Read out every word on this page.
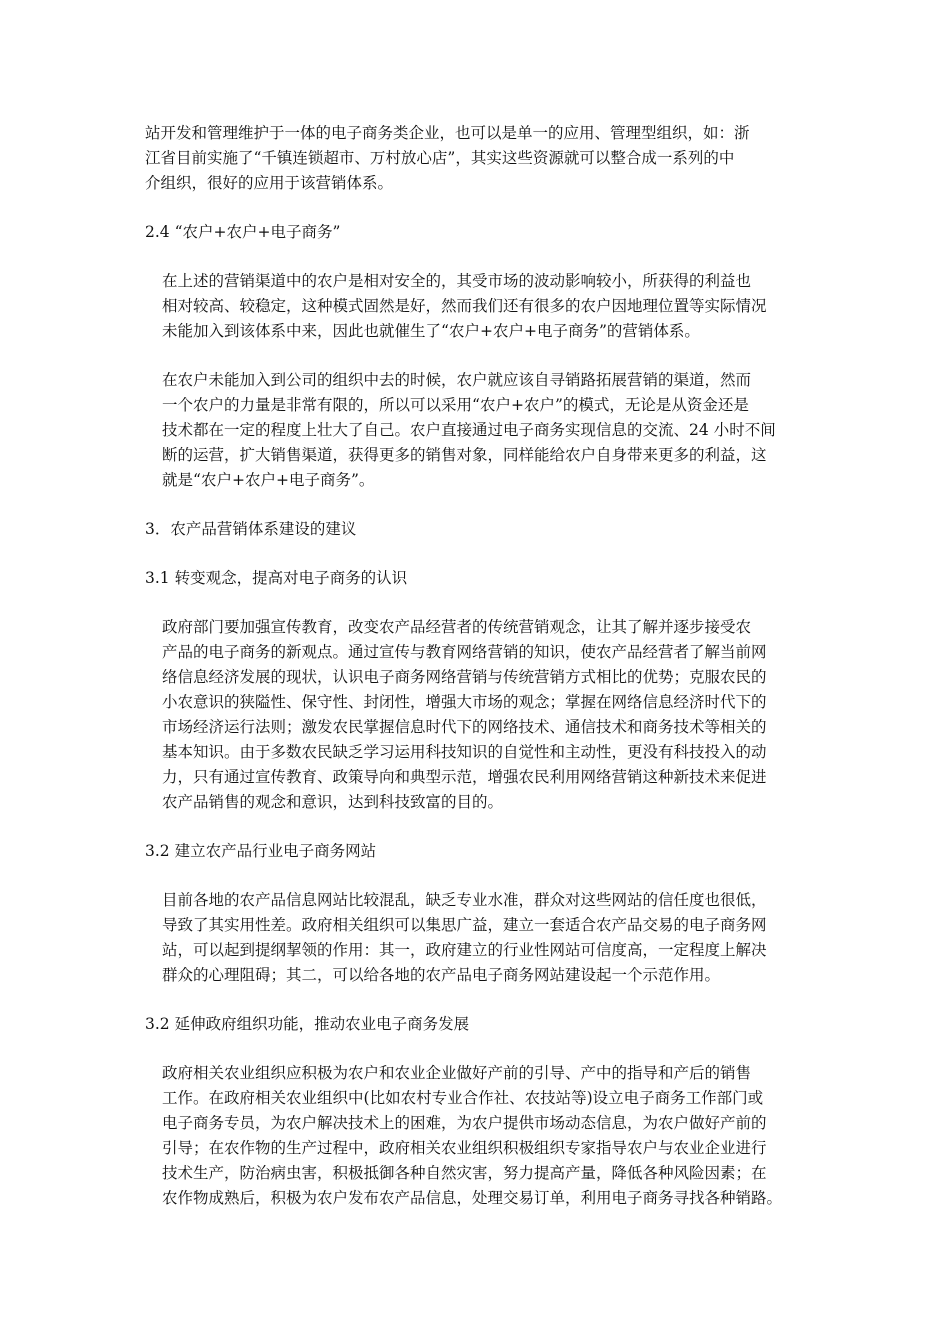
站开发和管理维护于一体的电子商务类企业，也可以是单一的应用、管理型组织，如：浙
江省目前实施了“千镇连锁超市、万村放心店”，其实这些资源就可以整合成一系列的中
介组织，很好的应用于该营销体系。
2.4 “农户+农户+电子商务”
在上述的营销渠道中的农户是相对安全的，其受市场的波动影响较小，所获得的利益也
相对较高、较稳定，这种模式固然是好，然而我们还有很多的农户因地理位置等实际情况
未能加入到该体系中来，因此也就催生了“农户+农户+电子商务”的营销体系。
在农户未能加入到公司的组织中去的时候，农户就应该自寻销路拓展营销的渠道，然而
一个农户的力量是非常有限的，所以可以采用“农户+农户”的模式，无论是从资金还是
技术都在一定的程度上壮大了自己。农户直接通过电子商务实现信息的交流、24 小时不间
断的运营，扩大销售渠道，获得更多的销售对象，同样能给农户自身带来更多的利益，这
就是“农户+农户+电子商务”。
3．农产品营销体系建设的建议
3.1 转变观念，提高对电子商务的认识
政府部门要加强宣传教育，改变农产品经营者的传统营销观念，让其了解并逐步接受农
产品的电子商务的新观点。通过宣传与教育网络营销的知识，使农产品经营者了解当前网
络信息经济发展的现状，认识电子商务网络营销与传统营销方式相比的优势；克服农民的
小农意识的狭隘性、保守性、封闭性，增强大市场的观念；掌握在网络信息经济时代下的
市场经济运行法则；激发农民掌握信息时代下的网络技术、通信技术和商务技术等相关的
基本知识。由于多数农民缺乏学习运用科技知识的自觉性和主动性，更没有科技投入的动
力，只有通过宣传教育、政策导向和典型示范，增强农民利用网络营销这种新技术来促进
农产品销售的观念和意识，达到科技致富的目的。
3.2 建立农产品行业电子商务网站
目前各地的农产品信息网站比较混乱，缺乏专业水准，群众对这些网站的信任度也很低，
导致了其实用性差。政府相关组织可以集思广益，建立一套适合农产品交易的电子商务网
站，可以起到提纲挈领的作用：其一，政府建立的行业性网站可信度高，一定程度上解决
群众的心理阻碍；其二，可以给各地的农产品电子商务网站建设起一个示范作用。
3.2 延伸政府组织功能，推动农业电子商务发展
政府相关农业组织应积极为农户和农业企业做好产前的引导、产中的指导和产后的销售
工作。在政府相关农业组织中(比如农村专业合作社、农技站等)设立电子商务工作部门或
电子商务专员，为农户解决技术上的困难，为农户提供市场动态信息，为农户做好产前的
引导；在农作物的生产过程中，政府相关农业组织积极组织专家指导农户与农业企业进行
技术生产，防治病虫害，积极抵御各种自然灾害，努力提高产量，降低各种风险因素；在
农作物成熟后，积极为农户发布农产品信息，处理交易订单，利用电子商务寻找各种销路。
